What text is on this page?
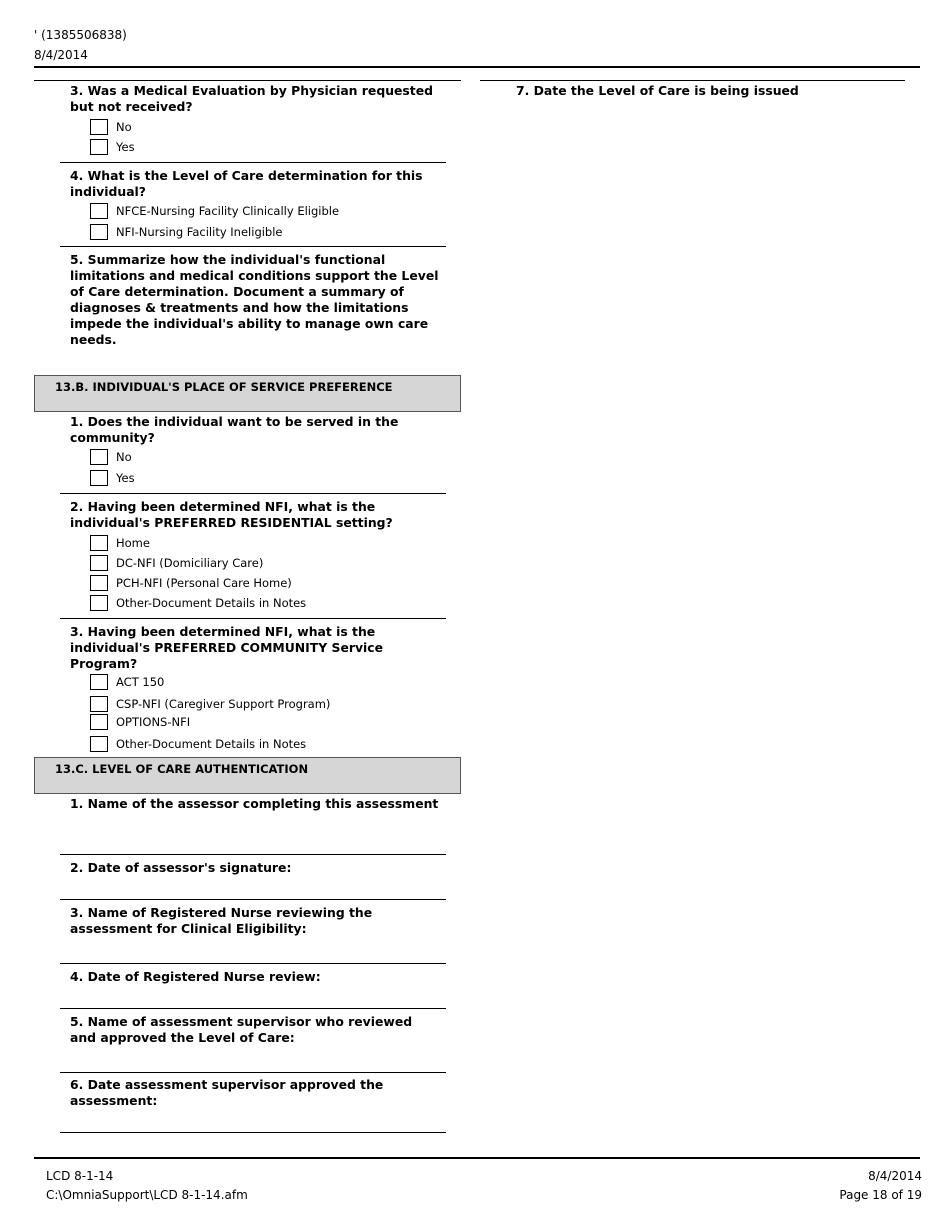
' (1385506838)
8/4/2014
3. Was a Medical Evaluation by Physician requested but not received?
No
Yes
4. What is the Level of Care determination for this individual?
NFCE-Nursing Facility Clinically Eligible
NFI-Nursing Facility Ineligible
5. Summarize how the individual's functional limitations and medical conditions support the Level of Care determination. Document a summary of diagnoses & treatments and how the limitations impede the individual's ability to manage own care needs.
7. Date the Level of Care is being issued
13.B. INDIVIDUAL'S PLACE OF SERVICE PREFERENCE
1. Does the individual want to be served in the community?
No
Yes
2. Having been determined NFI, what is the individual's PREFERRED RESIDENTIAL setting?
Home
DC-NFI (Domiciliary Care)
PCH-NFI (Personal Care Home)
Other-Document Details in Notes
3. Having been determined NFI, what is the individual's PREFERRED COMMUNITY Service Program?
ACT 150
CSP-NFI (Caregiver Support Program)
OPTIONS-NFI
Other-Document Details in Notes
13.C. LEVEL OF CARE AUTHENTICATION
1. Name of the assessor completing this assessment
2. Date of assessor's signature:
3. Name of Registered Nurse reviewing the assessment for Clinical Eligibility:
4. Date of Registered Nurse review:
5. Name of assessment supervisor who reviewed and approved the Level of Care:
6. Date assessment supervisor approved the assessment:
LCD 8-1-14
C:\OmniaSupport\LCD 8-1-14.afm
8/4/2014
Page 18 of 19
